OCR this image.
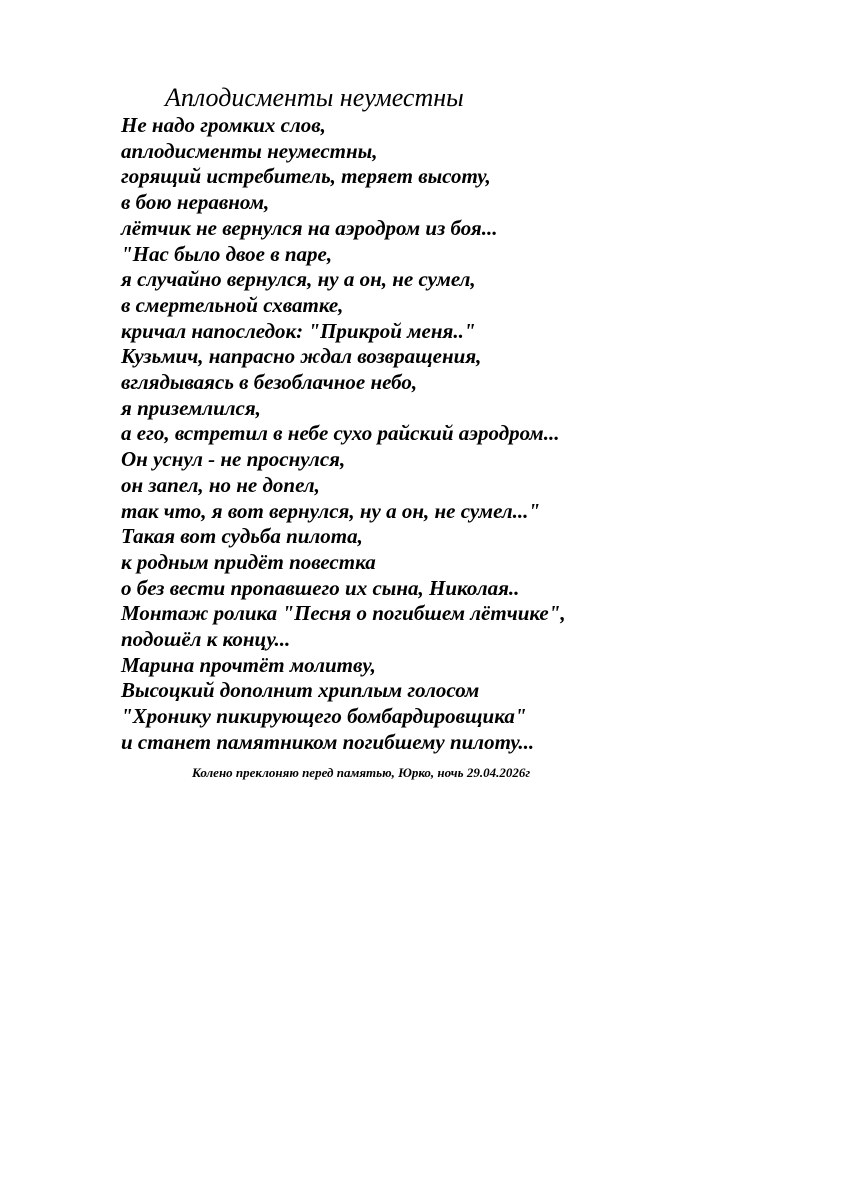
Аплодисменты неуместны
Не надо громких слов,
аплодисменты неуместны,
горящий истребитель, теряет высоту,
в бою неравном,
лётчик не вернулся на аэродром из боя...
"Нас было двое в паре,
я случайно вернулся, ну а он, не сумел,
в смертельной схватке,
кричал напоследок: "Прикрой меня.."
Кузьмич, напрасно ждал возвращения,
вглядываясь в безоблачное небо,
я приземлился,
а его, встретил в небе сухо райский аэродром...
Он уснул - не проснулся,
он запел, но не допел,
так что, я вот вернулся, ну а он, не сумел..."
Такая вот судьба пилота,
к родным придёт повестка
о без вести пропавшего их сына, Николая..
Монтаж ролика "Песня о погибшем лётчике",
подошёл к концу...
Марина прочтёт молитву,
Высоцкий дополнит хриплым голосом
"Хронику пикирующего бомбардировщика"
и станет памятником погибшему пилоту...

Колено преклоняю перед памятью, Юрко, ночь 29.04.2026г
